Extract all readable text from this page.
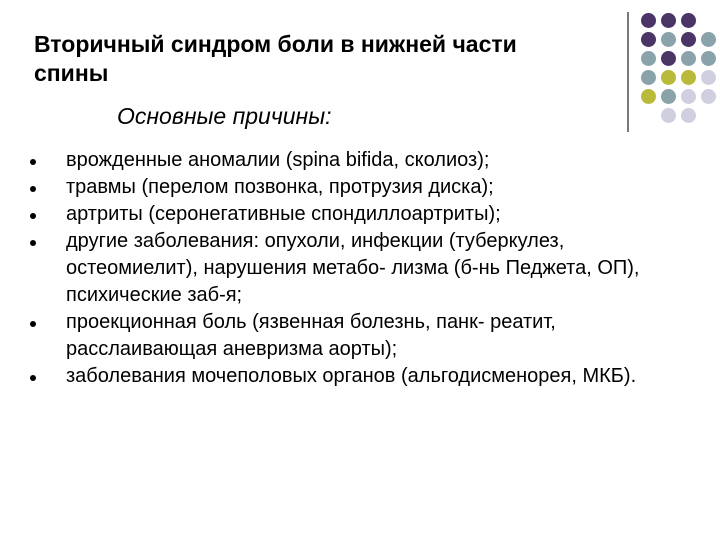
Вторичный синдром боли в нижней части спины
Основные причины:
врожденные аномалии (spina bifida, сколиоз);
травмы (перелом позвонка, протрузия диска);
артриты (серонегативные спондиллоартриты);
другие заболевания: опухоли, инфекции (туберкулез, остеомиелит), нарушения метабо- лизма (б-нь Педжета, ОП), психические заб-я;
проекционная боль (язвенная болезнь, панк- реатит, расслаивающая аневризма аорты);
заболевания мочеполовых органов (альгодисменорея, МКБ).
